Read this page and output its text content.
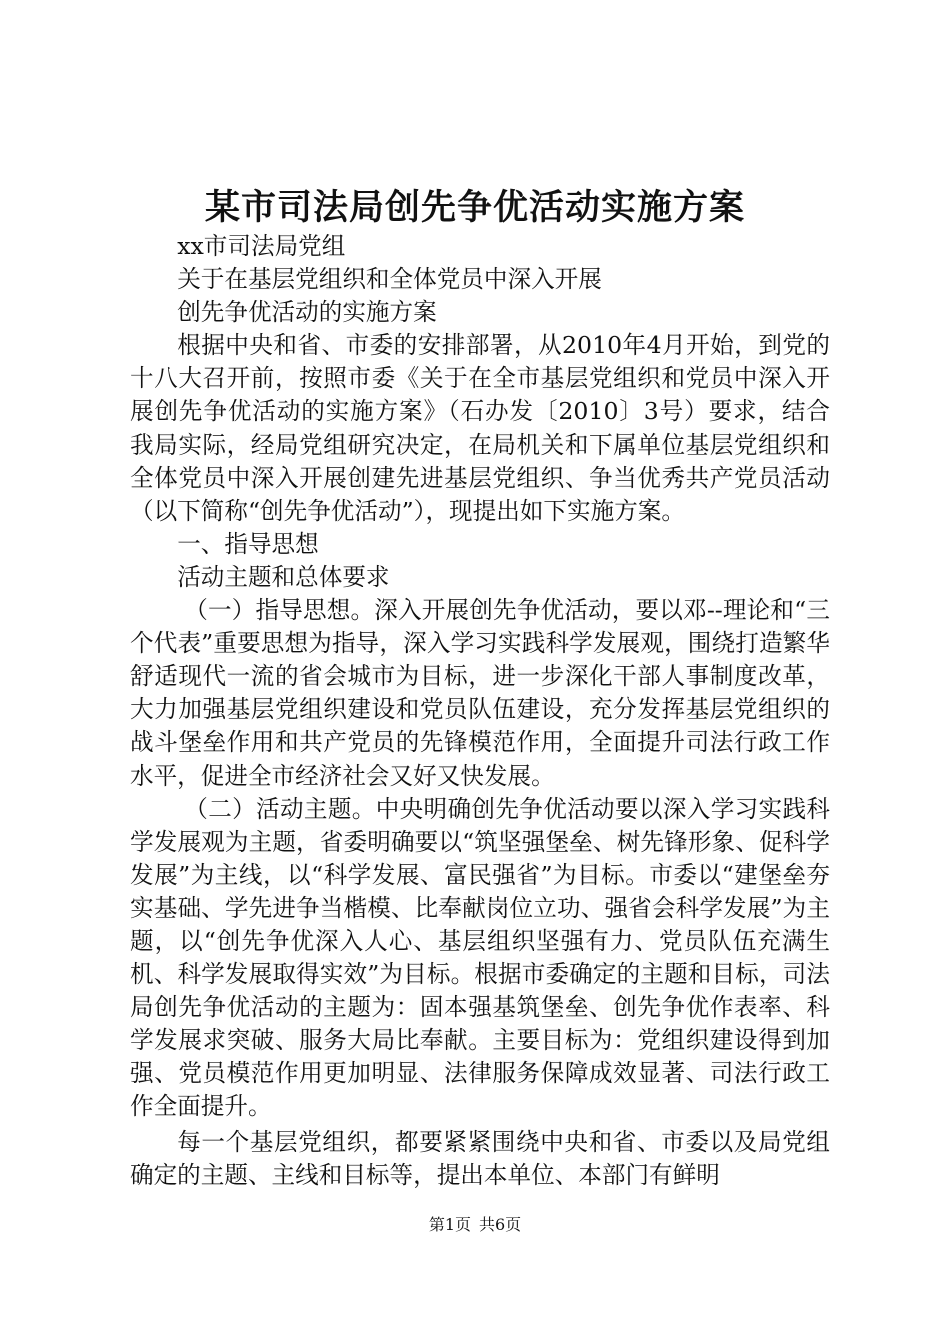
某市司法局创先争优活动实施方案

xx市司法局党组

关于在基层党组织和全体党员中深入开展

创先争优活动的实施方案

根据中央和省、市委的安排部署，从2010年4月开始，到党的十八大召开前，按照市委《关于在全市基层党组织和党员中深入开展创先争优活动的实施方案》（石办发〔2010〕3号）要求，结合我局实际，经局党组研究决定，在局机关和下属单位基层党组织和全体党员中深入开展创建先进基层党组织、争当优秀共产党员活动（以下简称“创先争优活动”），现提出如下实施方案。

一、指导思想

活动主题和总体要求

（一）指导思想。深入开展创先争优活动，要以邓--理论和“三个代表”重要思想为指导，深入学习实践科学发展观，围绕打造繁华舒适现代一流的省会城市为目标，进一步深化干部人事制度改革，大力加强基层党组织建设和党员队伍建设，充分发挥基层党组织的战斗堡垒作用和共产党员的先锋模范作用，全面提升司法行政工作水平，促进全市经济社会又好又快发展。

（二）活动主题。中央明确创先争优活动要以深入学习实践科学发展观为主题，省委明确要以“筑坚强堡垒、树先锋形象、促科学发展”为主线，以“科学发展、富民强省”为目标。市委以“建堡垒夯实基础、学先进争当楷模、比奉献岗位立功、强省会科学发展”为主题，以“创先争优深入人心、基层组织坚强有力、党员队伍充满生机、科学发展取得实效”为目标。根据市委确定的主题和目标，司法局创先争优活动的主题为：固本强基筑堡垒、创先争优作表率、科学发展求突破、服务大局比奉献。主要目标为：党组织建设得到加强、党员模范作用更加明显、法律服务保障成效显著、司法行政工作全面提升。

每一个基层党组织，都要紧紧围绕中央和省、市委以及局党组确定的主题、主线和目标等，提出本单位、本部门有鲜明

第1页 共6页
